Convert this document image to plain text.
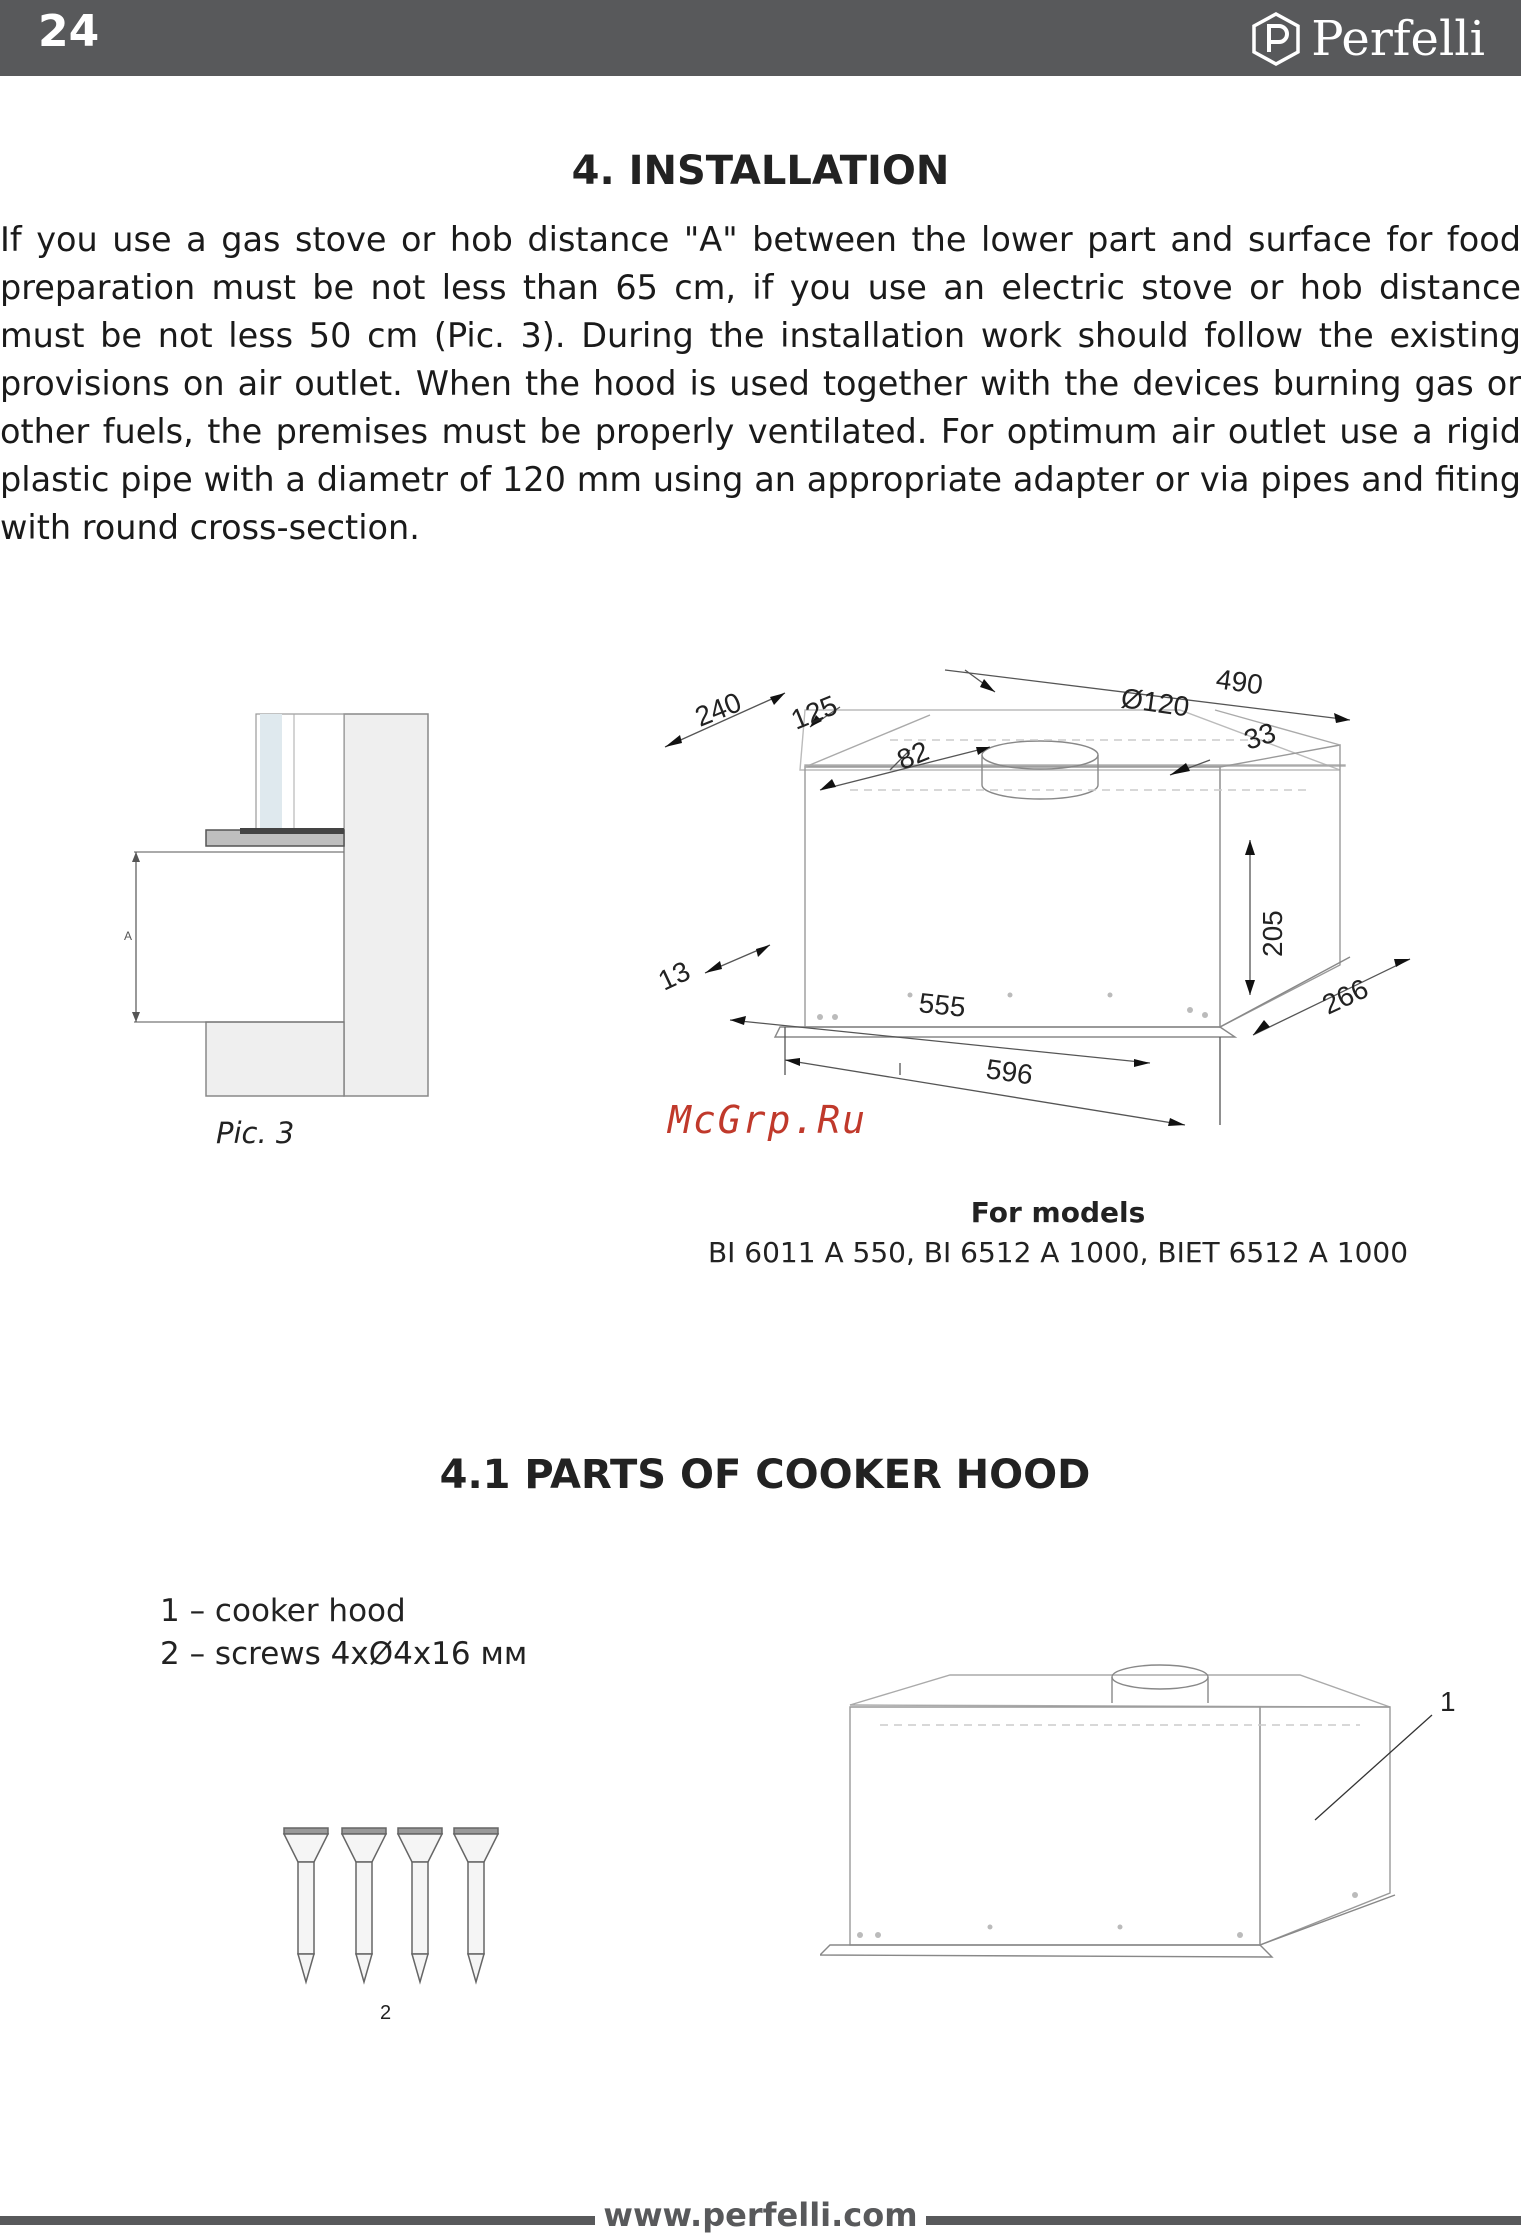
24	Perfelli
4. INSTALLATION
If you use a gas stove or hob distance "A" between the lower part and surface for food preparation must be not less than 65 cm, if you use an electric stove or hob distance must be not less 50 cm (Pic. 3). During the installation work should follow the existing provisions on air outlet. When the hood is used together with the devices burning gas or other fuels, the premises must be properly ventilated. For optimum air outlet use a rigid plastic pipe with a diametr of 120 mm using an appropriate adapter or via pipes and fiting with round cross-section.
A
Pic. 3
240 125
82
Ø120
490
33
205
13
555
596
266
McGrp.Ru
For models
BI 6011 A 550, BI 6512 A 1000, BIET 6512 A 1000
4.1 PARTS OF COOKER HOOD
1 – cooker hood
2 – screws 4xØ4x16 мм
2
1
www.perfelli.com
